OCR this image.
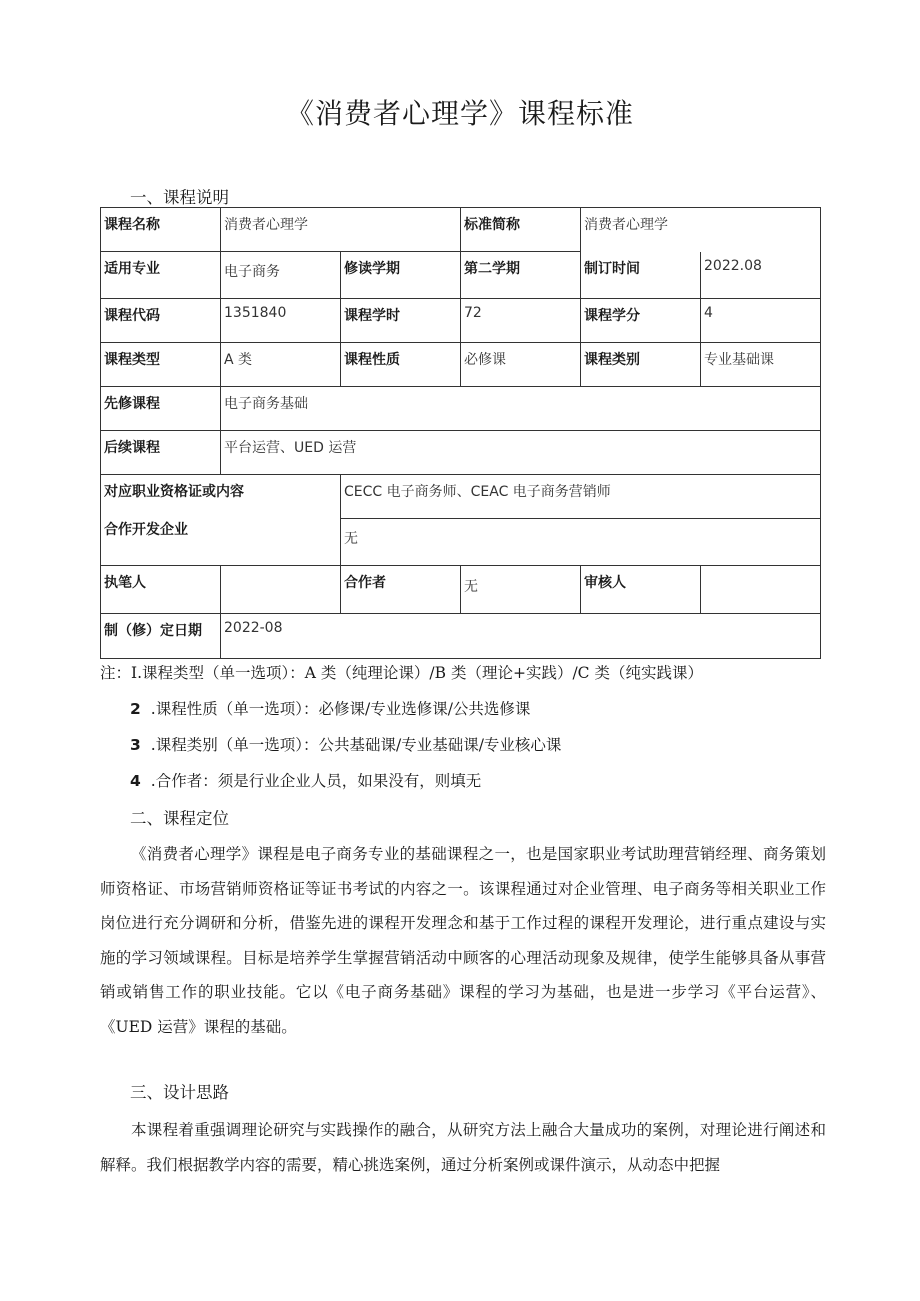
《消费者心理学》课程标准
一、课程说明
课程名称	消费者心理学		标准简称	消费者心理学	
适用专业	电子商务	修读学期	第二学期	制订时间	2022.08
课程代码	1351840	课程学时	72	课程学分	4
课程类型	A 类	课程性质	必修课	课程类别	专业基础课
先修课程	电子商务基础				
后续课程	平台运营、UED 运营				
对应职业资格证或内容		CECC 电子商务师、CEAC 电子商务营销师			
合作开发企业		无			
执笔人		合作者	无	审核人	
制（修）定日期	2022-08				
注：I.课程类型（单一选项）：A 类（纯理论课）/B 类（理论+实践）/C 类（纯实践课）
2 .课程性质（单一选项）：必修课/专业选修课/公共选修课
3 .课程类别（单一选项）：公共基础课/专业基础课/专业核心课
4 .合作者：须是行业企业人员，如果没有，则填无
二、课程定位
《消费者心理学》课程是电子商务专业的基础课程之一，也是国家职业考试助理营销经理、商务策划师资格证、市场营销师资格证等证书考试的内容之一。该课程通过对企业管理、电子商务等相关职业工作岗位进行充分调研和分析，借鉴先进的课程开发理念和基于工作过程的课程开发理论，进行重点建设与实施的学习领域课程。目标是培养学生掌握营销活动中顾客的心理活动现象及规律，使学生能够具备从事营销或销售工作的职业技能。它以《电子商务基础》课程的学习为基础，也是进一步学习《平台运营》、《UED 运营》课程的基础。
三、设计思路
本课程着重强调理论研究与实践操作的融合，从研究方法上融合大量成功的案例，对理论进行阐述和解释。我们根据教学内容的需要，精心挑选案例，通过分析案例或课件演示，从动态中把握
